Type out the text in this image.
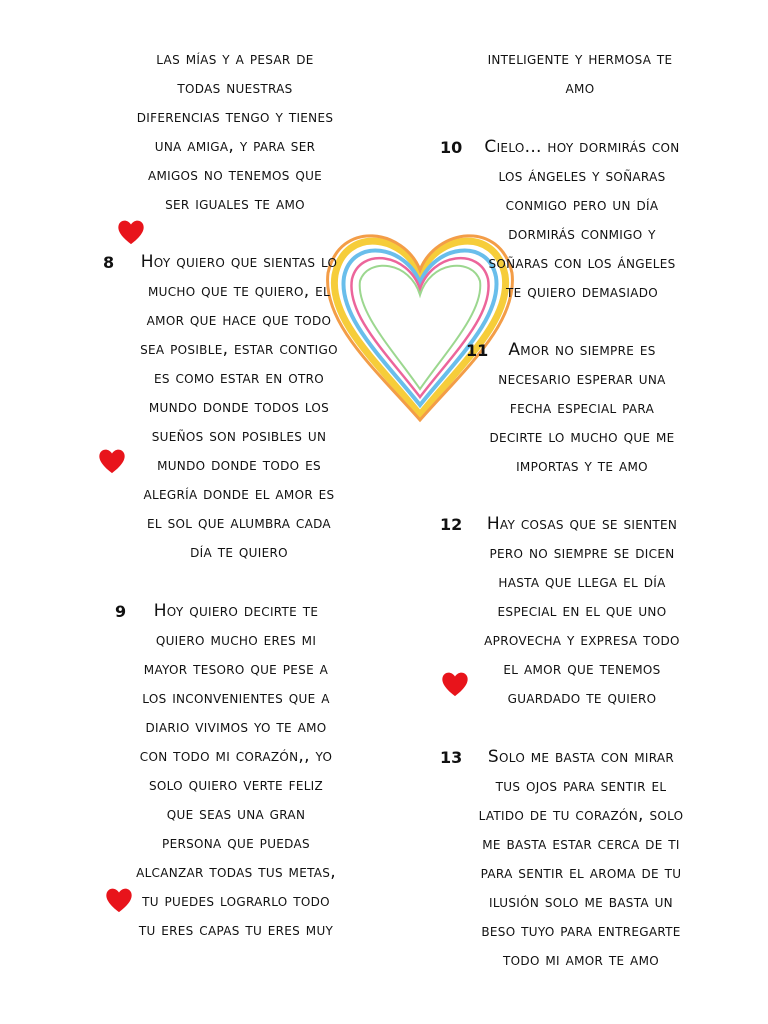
las mías y a pesar de
todas nuestras
diferencias tengo y tienes
una amiga, y para ser
amigos no tenemos que
ser iguales te amo
8	Hoy quiero que sientas lo
mucho que te quiero, el
amor que hace que todo
sea posible, estar contigo
es como estar en otro
mundo donde todos los
sueños son posibles un
mundo donde todo es
alegría donde el amor es
el sol que alumbra cada
día te quiero
9	Hoy quiero decirte te
quiero mucho eres mi
mayor tesoro que pese a
los inconvenientes que a
diario vivimos yo te amo
con todo mi corazón,, yo
solo quiero verte feliz
que seas una gran
persona que puedas
alcanzar todas tus metas,
tu puedes lograrlo todo
tu eres capas tu eres muy
inteligente y hermosa te
amo
10	Cielo... hoy dormirás con
los ángeles y soñaras
conmigo pero un día
dormirás conmigo y
soñaras con los ángeles
te quiero demasiado
11	Amor no siempre es
necesario esperar una
fecha especial para
decirte lo mucho que me
importas y te amo
12	Hay cosas que se sienten
pero no siempre se dicen
hasta que llega el día
especial en el que uno
aprovecha y expresa todo
el amor que tenemos
guardado te quiero
13	Solo me basta con mirar
tus ojos para sentir el
latido de tu corazón, solo
me basta estar cerca de ti
para sentir el aroma de tu
ilusión solo me basta un
beso tuyo para entregarte
todo mi amor te amo
